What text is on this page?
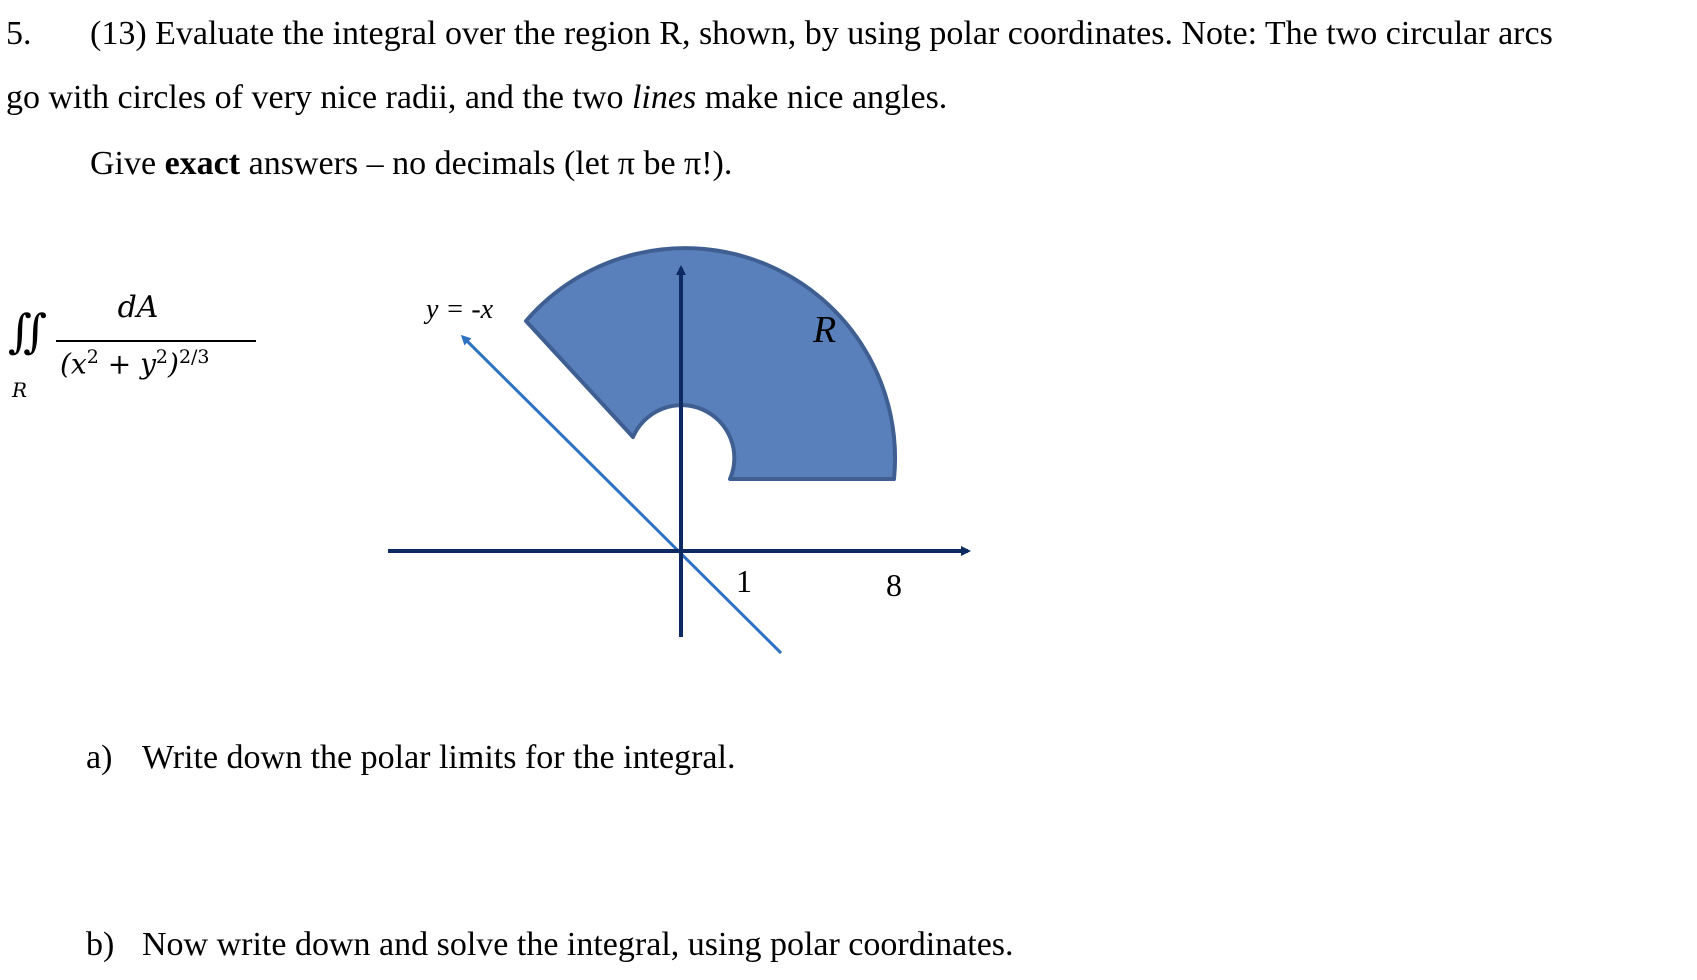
5. (13) Evaluate the integral over the region R, shown, by using polar coordinates. Note: The two circular arcs
go with circles of very nice radii, and the two lines make nice angles.
Give exact answers – no decimals (let π be π!).
∬
R
dA
$(x^2 + y^2)^{2/3}$
y = -x	R
1	8
a) Write down the polar limits for the integral.
b) Now write down and solve the integral, using polar coordinates.
